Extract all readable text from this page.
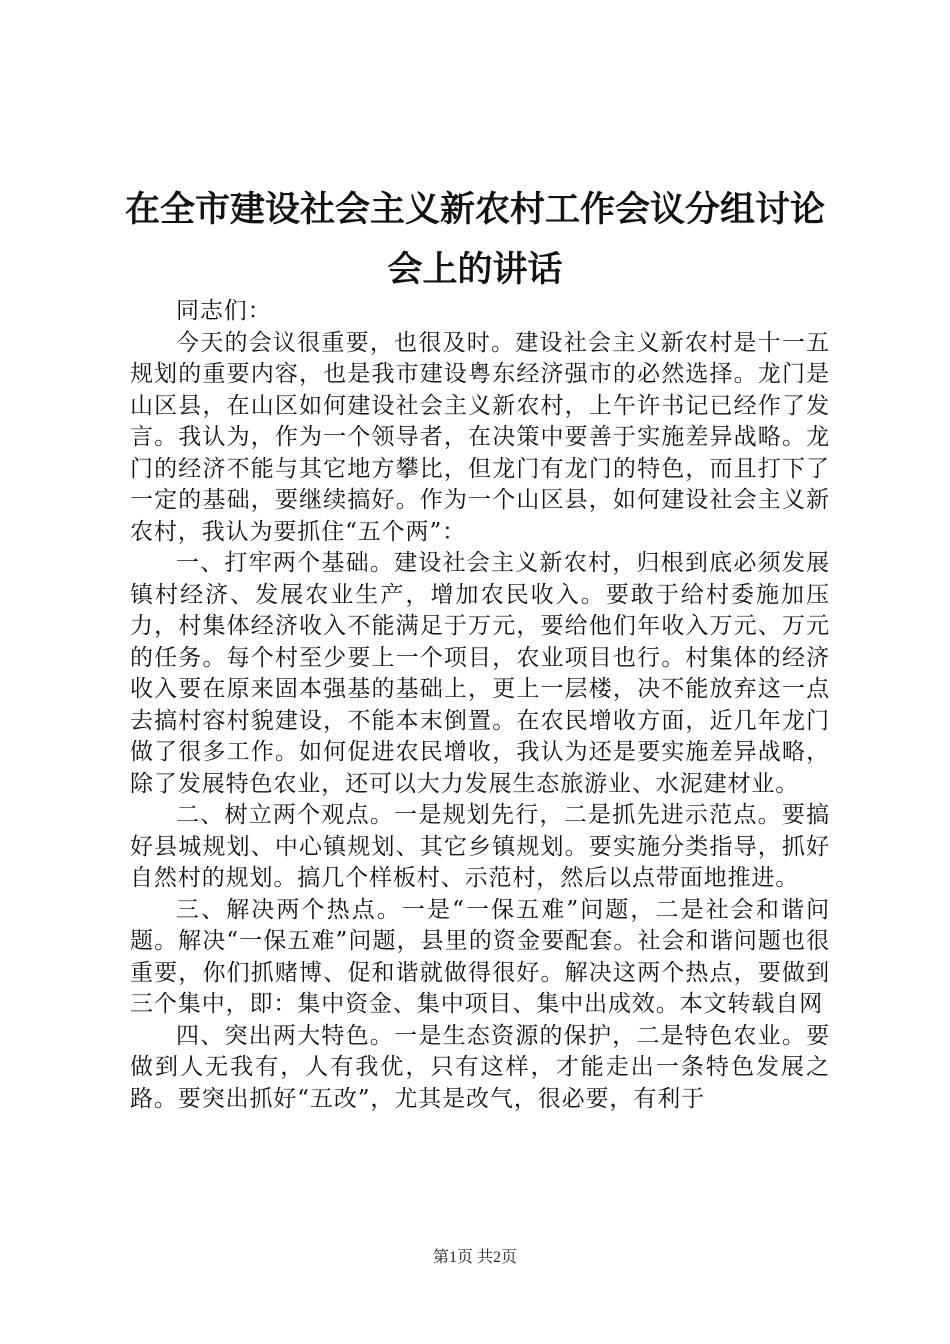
在全市建设社会主义新农村工作会议分组讨论
会上的讲话

同志们：

今天的会议很重要，也很及时。建设社会主义新农村是十一五规划的重要内容，也是我市建设粤东经济强市的必然选择。龙门是山区县，在山区如何建设社会主义新农村，上午许书记已经作了发言。我认为，作为一个领导者，在决策中要善于实施差异战略。龙门的经济不能与其它地方攀比，但龙门有龙门的特色，而且打下了一定的基础，要继续搞好。作为一个山区县，如何建设社会主义新农村，我认为要抓住“五个两”：

一、打牢两个基础。建设社会主义新农村，归根到底必须发展镇村经济、发展农业生产，增加农民收入。要敢于给村委施加压力，村集体经济收入不能满足于万元，要给他们年收入万元、万元的任务。每个村至少要上一个项目，农业项目也行。村集体的经济收入要在原来固本强基的基础上，更上一层楼，决不能放弃这一点去搞村容村貌建设，不能本末倒置。在农民增收方面，近几年龙门做了很多工作。如何促进农民增收，我认为还是要实施差异战略，除了发展特色农业，还可以大力发展生态旅游业、水泥建材业。

二、树立两个观点。一是规划先行，二是抓先进示范点。要搞好县城规划、中心镇规划、其它乡镇规划。要实施分类指导，抓好自然村的规划。搞几个样板村、示范村，然后以点带面地推进。

三、解决两个热点。一是“一保五难”问题，二是社会和谐问题。解决“一保五难”问题，县里的资金要配套。社会和谐问题也很重要，你们抓赌博、促和谐就做得很好。解决这两个热点，要做到三个集中，即：集中资金、集中项目、集中出成效。本文转载自网

四、突出两大特色。一是生态资源的保护，二是特色农业。要做到人无我有，人有我优，只有这样，才能走出一条特色发展之路。要突出抓好“五改”，尤其是改气，很必要，有利于

第1页 共2页
